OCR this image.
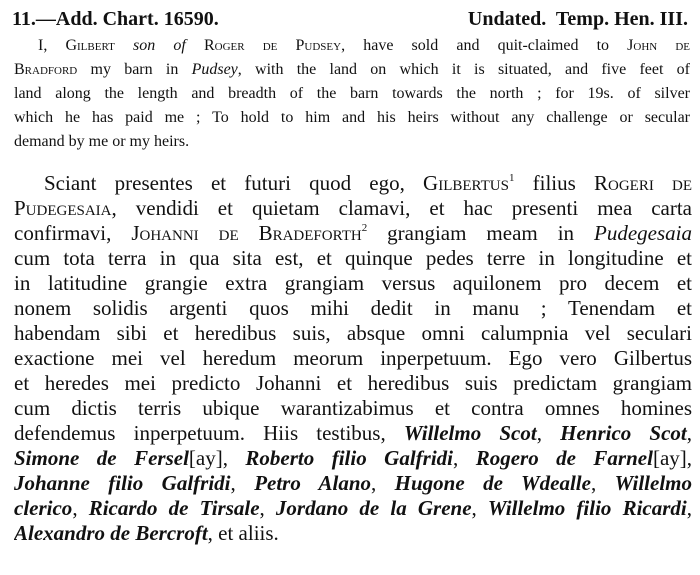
11.—Add. Chart. 16590.	Undated. Temp. Hen. III.
I, Gilbert son of Roger de Pudsey, have sold and quit-claimed to John de
Bradford my barn in Pudsey, with the land on which it is situated, and five feet of
land along the length and breadth of the barn towards the north ; for 19s. of silver
which he has paid me ; To hold to him and his heirs without any challenge or secular
demand by me or my heirs.
Sciant presentes et futuri quod ego, Gilbertus$^1$ filius Rogeri de
Pudegesaia, vendidi et quietam clamavi, et hac presenti mea carta
confirmavi, Johanni de Bradeforth$^2$ grangiam meam in Pudegesaia
cum tota terra in qua sita est, et quinque pedes terre in longitudine et
in latitudine grangie extra grangiam versus aquilonem pro decem et
nonem solidis argenti quos mihi dedit in manu ; Tenendam et
habendam sibi et heredibus suis, absque omni calumpnia vel seculari
exactione mei vel heredum meorum inperpetuum. Ego vero Gilbertus
et heredes mei predicto Johanni et heredibus suis predictam grangiam
cum dictis terris ubique warantizabimus et contra omnes homines
defendemus inperpetuum. Hiis testibus, Willelmo Scot, Henrico Scot,
Simone de Fersel[ay], Roberto filio Galfridi, Rogero de Farnel[ay],
Johanne filio Galfridi, Petro Alano, Hugone de Wdealle, Willelmo
clerico, Ricardo de Tirsale, Jordano de la Grene, Willelmo filio Ricardi,
Alexandro de Bercroft, et aliis.
